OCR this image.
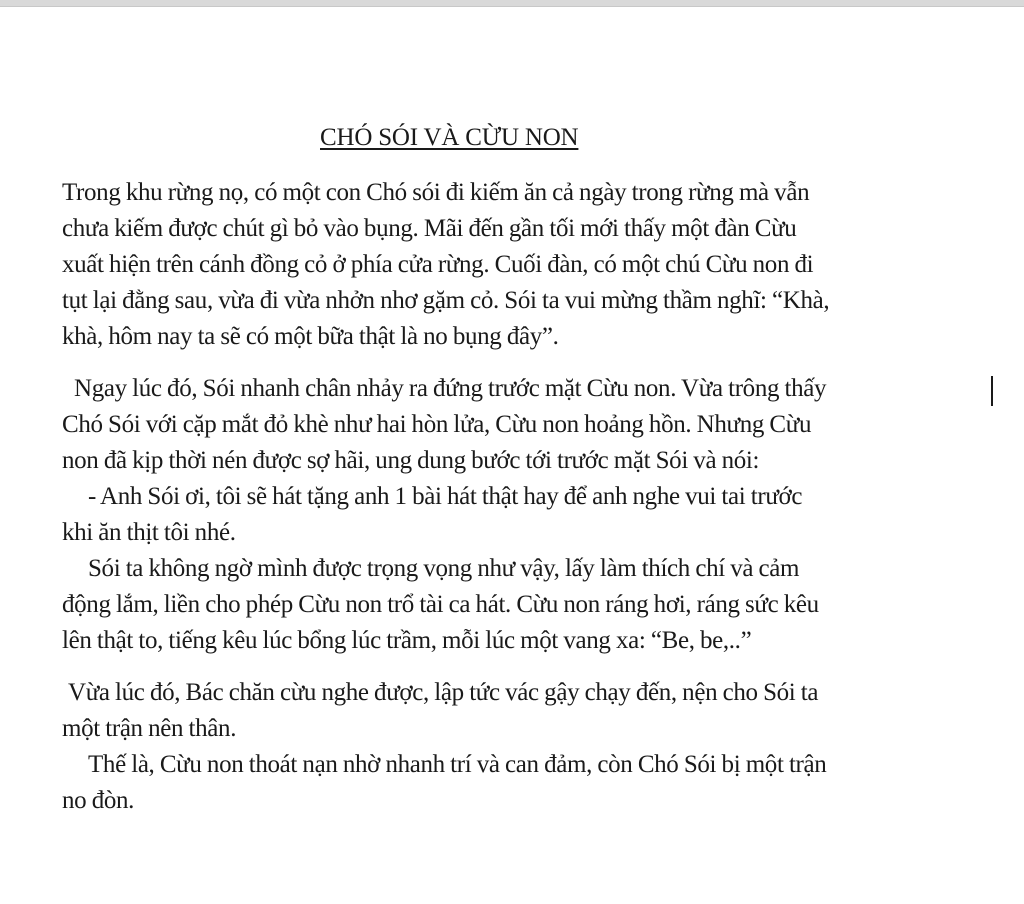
CHÓ SÓI VÀ CỪU NON
Trong khu rừng nọ, có một con Chó sói đi kiếm ăn cả ngày trong rừng mà vẫn
chưa kiếm được chút gì bỏ vào bụng. Mãi đến gần tối mới thấy một đàn Cừu
xuất hiện trên cánh đồng cỏ ở phía cửa rừng. Cuối đàn, có một chú Cừu non đi
tụt lại đằng sau, vừa đi vừa nhởn nhơ gặm cỏ. Sói ta vui mừng thầm nghĩ: “Khà,
khà, hôm nay ta sẽ có một bữa thật là no bụng đây”.
Ngay lúc đó, Sói nhanh chân nhảy ra đứng trước mặt Cừu non. Vừa trông thấy
Chó Sói với cặp mắt đỏ khè như hai hòn lửa, Cừu non hoảng hồn. Nhưng Cừu
non đã kịp thời nén được sợ hãi, ung dung bước tới trước mặt Sói và nói:
- Anh Sói ơi, tôi sẽ hát tặng anh 1 bài hát thật hay để anh nghe vui tai trước
khi ăn thịt tôi nhé.
Sói ta không ngờ mình được trọng vọng như vậy, lấy làm thích chí và cảm
động lắm, liền cho phép Cừu non trổ tài ca hát. Cừu non ráng hơi, ráng sức kêu
lên thật to, tiếng kêu lúc bổng lúc trầm, mỗi lúc một vang xa: “Be, be,..”
Vừa lúc đó, Bác chăn cừu nghe được, lập tức vác gậy chạy đến, nện cho Sói ta
một trận nên thân.
Thế là, Cừu non thoát nạn nhờ nhanh trí và can đảm, còn Chó Sói bị một trận
no đòn.
